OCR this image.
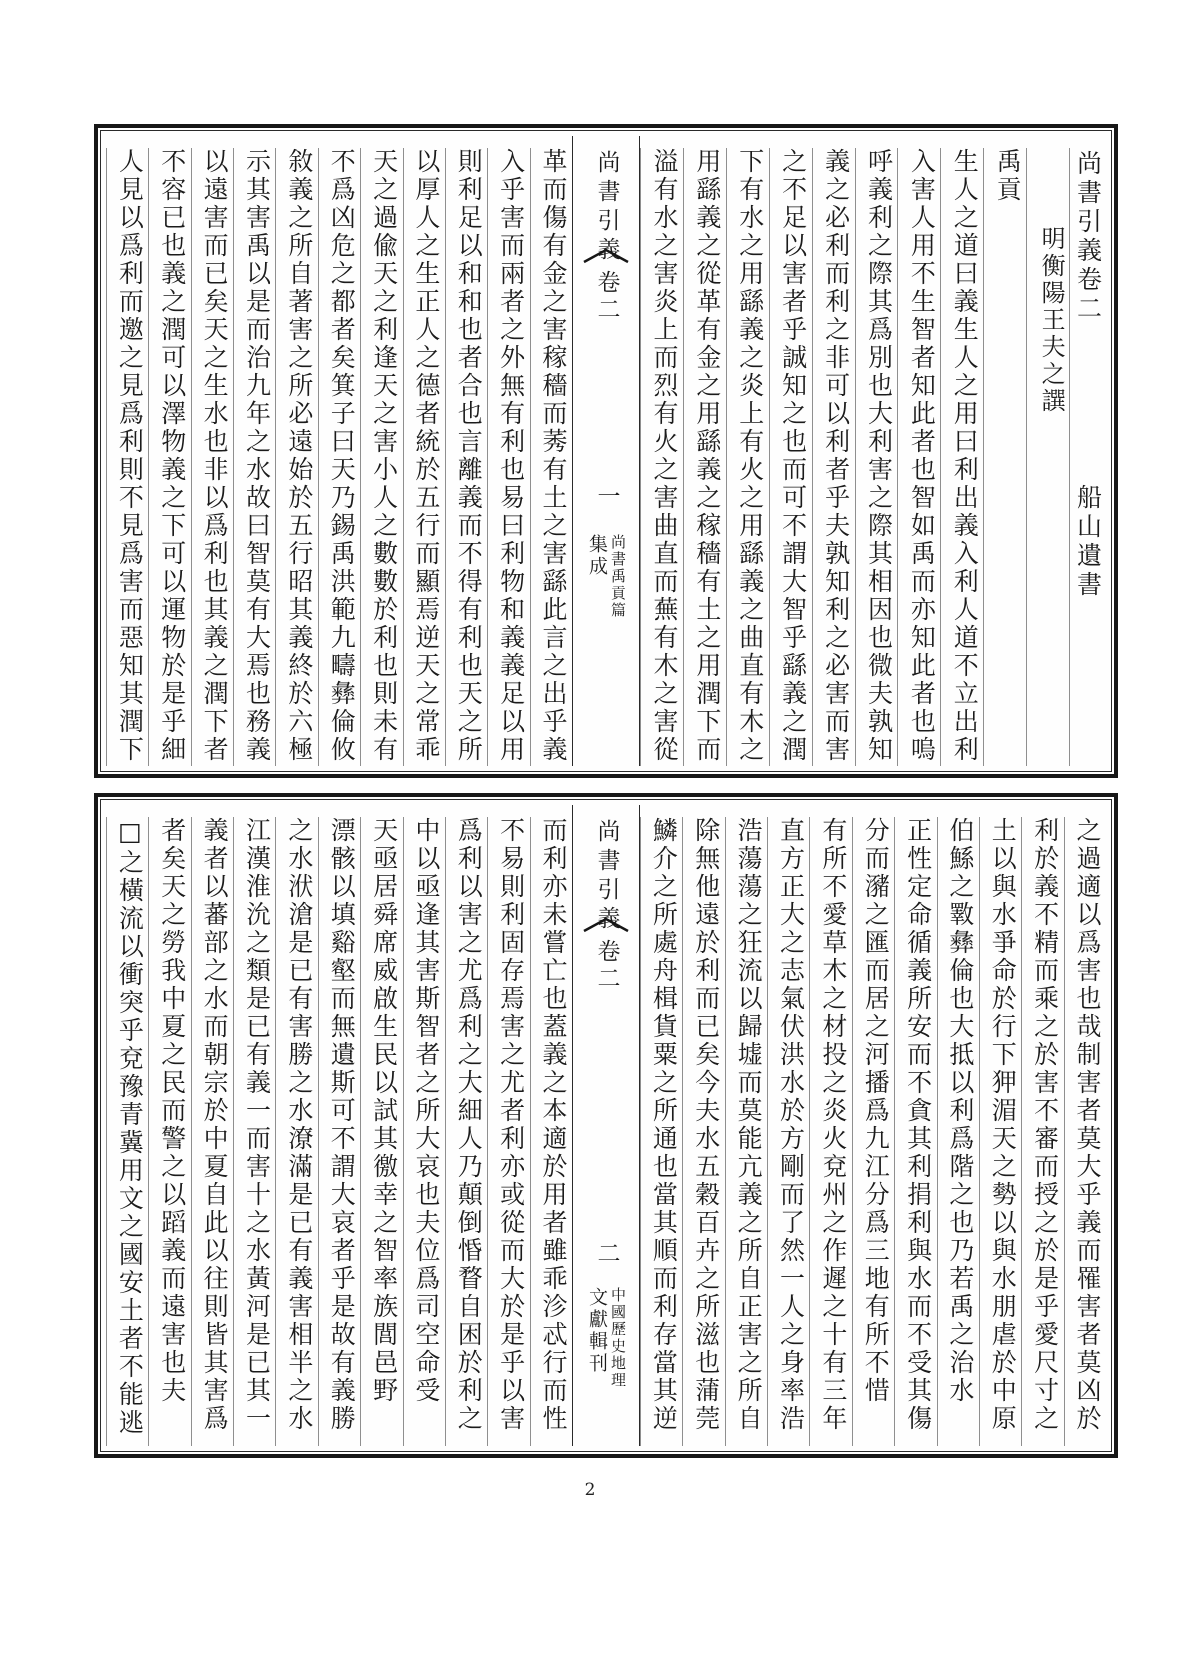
尚書引義卷二
船山遺書
明衡陽王夫之譔
禹貢
生人之道曰義生人之用曰利出義入利人道不立出利
入害人用不生智者知此者也智如禹而亦知此者也嗚
呼義利之際其爲別也大利害之際其相因也微夫孰知
義之必利而利之非可以利者乎夫孰知利之必害而害
之不足以害者乎誠知之也而可不謂大智乎繇義之潤
下有水之用繇義之炎上有火之用繇義之曲直有木之
用繇義之從革有金之用繇義之稼穡有土之用潤下而
溢有水之害炎上而烈有火之害曲直而蕪有木之害從
尚書引義
卷二
一
尚書禹貢篇
集成
革而傷有金之害稼穡而莠有土之害繇此言之出乎義
入乎害而兩者之外無有利也易曰利物和義義足以用
則利足以和和也者合也言離義而不得有利也天之所
以厚人之生正人之德者統於五行而顯焉逆天之常乖
天之過偸天之利逢天之害小人之數數於利也則未有
不爲凶危之都者矣箕子曰天乃錫禹洪範九疇彝倫攸
敘義之所自著害之所必遠始於五行昭其義終於六極
示其害禹以是而治九年之水故曰智莫有大焉也務義
以遠害而已矣天之生水也非以爲利也其義之潤下者
不容已也義之潤可以澤物義之下可以運物於是乎細
人見以爲利而邀之見爲利則不見爲害而惡知其潤下
之過適以爲害也哉制害者莫大乎義而罹害者莫凶於
利於義不精而乘之於害不審而授之於是乎愛尺寸之
土以與水爭命於行下狎湄天之勢以與水朋虐於中原
伯鯀之斁彝倫也大抵以利爲階之也乃若禹之治水
正性定命循義所安而不貪其利捐利與水而不受其傷
分而瀦之匯而居之河播爲九江分爲三地有所不惜
有所不愛草木之材投之炎火兗州之作遲之十有三年
直方正大之志氣伏洪水於方剛而了然一人之身率浩
浩蕩蕩之狂流以歸墟而莫能亢義之所自正害之所自
除無他遠於利而已矣今夫水五穀百卉之所滋也蒲莞
鱗介之所處舟楫貨粟之所通也當其順而利存當其逆
尚書引義
卷二
二
中國歷史地理
文獻輯刊
而利亦未嘗亡也蓋義之本適於用者雖乖沴忒行而性
不易則利固存焉害之尤者利亦或從而大於是乎以害
爲利以害之尤爲利之大細人乃顛倒惛瞀自困於利之
中以亟逢其害斯智者之所大哀也夫位爲司空命受
天亟居舜席威啟生民以試其徼幸之智率族閭邑野
漂骸以填谿壑而無遺斯可不謂大哀者乎是故有義勝
之水洑滄是已有害勝之水潦滿是已有義害相半之水
江漢淮沇之類是已有義一而害十之水黃河是已其一
義者以蕃部之水而朝宗於中夏自此以往則皆其害爲
者矣天之勞我中夏之民而警之以蹈義而遠害也夫
□之橫流以衝突乎兗豫青冀用文之國安土者不能逃
2
